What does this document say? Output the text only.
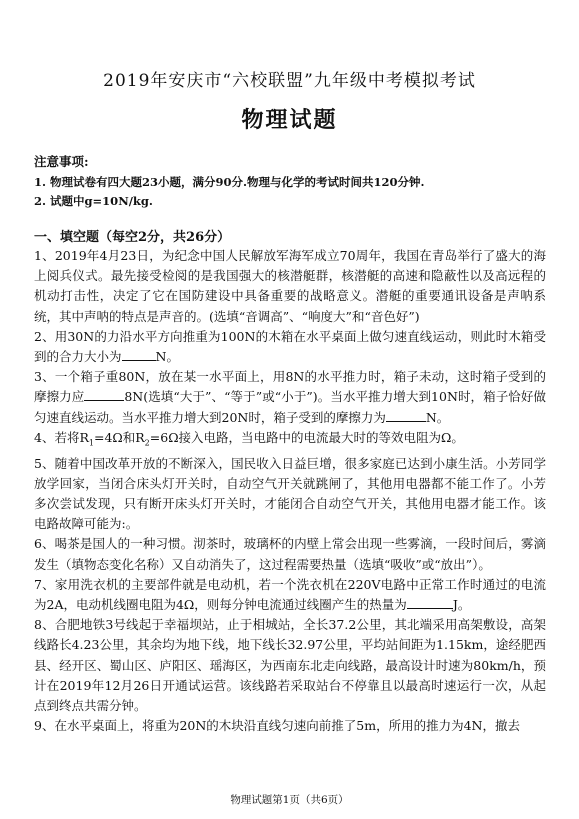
2019年安庆市“六校联盟”九年级中考模拟考试
物理试题
注意事项:
1. 物理试卷有四大题23小题，满分90分.物理与化学的考试时间共120分钟.
2. 试题中g=10N/kg.
一、填空题（每空2分，共26分）

1、2019年4月23日，为纪念中国人民解放军海军成立70周年，我国在青岛举行了盛大的海上阅兵仪式。最先接受检阅的是我国强大的核潜艇群，核潜艇的高速和隐蔽性以及高远程的机动打击性，决定了它在国防建设中具备重要的战略意义。潜艇的重要通讯设备是声呐系统，其中声呐的特点是声音的。(选填“音调高”、“响度大”和“音色好”)

2、用30N的力沿水平方向推重为100N的木箱在水平桌面上做匀速直线运动，则此时木箱受到的合力大小为	N。

3、一个箱子重80N，放在某一水平面上，用8N的水平推力时，箱子未动，这时箱子受到的摩擦力应	8N(选填“大于”、“等于”或“小于”)。当水平推力增大到10N时，箱子恰好做匀速直线运动。当水平推力增大到20N时，箱子受到的摩擦力为	N。

4、若将$R_1=4\Omega$和$R_2=6\Omega$接入电路，当电路中的电流最大时的等效电阻为Ω。

5、随着中国改革开放的不断深入，国民收入日益巨增，很多家庭已达到小康生活。小芳同学放学回家，当闭合床头灯开关时，自动空气开关就跳闸了，其他用电器都不能工作了。小芳多次尝试发现，只有断开床头灯开关时，才能闭合自动空气开关，其他用电器才能工作。该电路故障可能为:。

6、喝茶是国人的一种习惯。沏茶时，玻璃杯的内壁上常会出现一些雾滴，一段时间后，雾滴发生（填物态变化名称）又自动消失了，这过程需要热量（选填“吸收”或“放出”）。

7、家用洗衣机的主要部件就是电动机，若一个洗衣机在220V电路中正常工作时通过的电流为2A，电动机线圈电阻为4Ω，则每分钟电流通过线圈产生的热量为	J。

8、合肥地铁3号线起于幸福坝站，止于相城站，全长37.2公里，其北端采用高架敷设，高架线路长4.23公里，其余均为地下线，地下线长32.97公里，平均站间距为1.15km，途经肥西县、经开区、蜀山区、庐阳区、瑶海区，为西南东北走向线路，最高设计时速为80km/h，预计在2019年12月26日开通试运营。该线路若采取站台不停靠且以最高时速运行一次，从起点到终点共需分钟。

9、在水平桌面上，将重为20N的木块沿直线匀速向前推了5m，所用的推力为4N，撤去

物理试题第1页（共6页）
